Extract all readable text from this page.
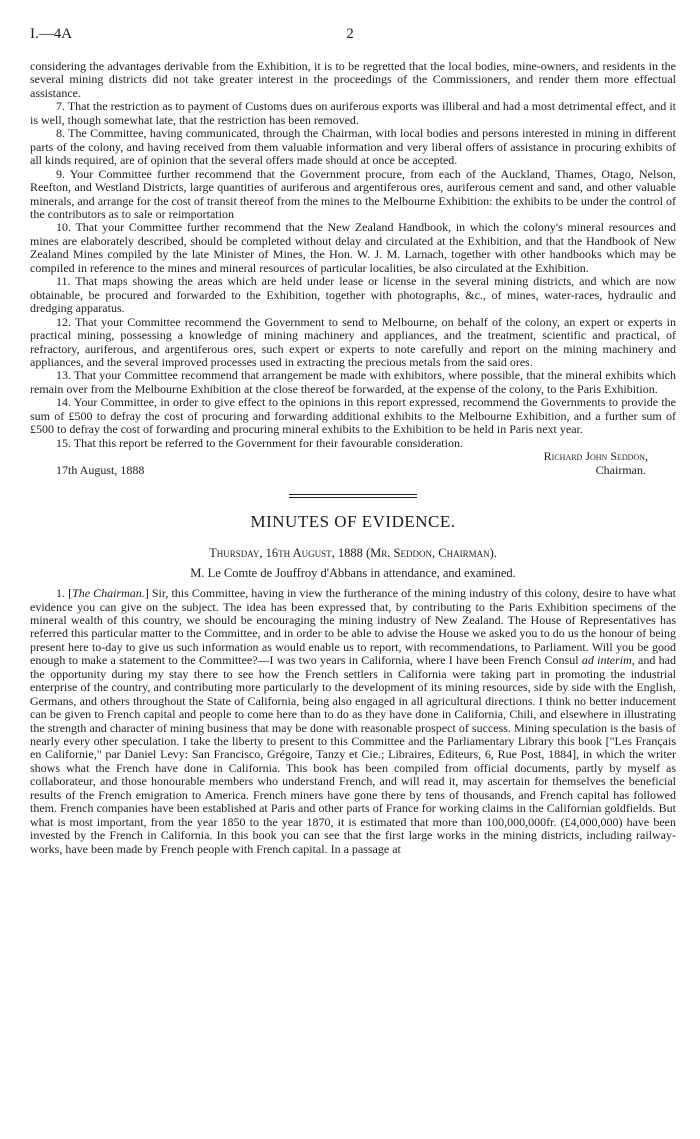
I.—4A	2

considering the advantages derivable from the Exhibition, it is to be regretted that the local bodies, mine-owners, and residents in the several mining districts did not take greater interest in the proceedings of the Commissioners, and render them more effectual assistance.

7. That the restriction as to payment of Customs dues on auriferous exports was illiberal and had a most detrimental effect, and it is well, though somewhat late, that the restriction has been removed.

8. The Committee, having communicated, through the Chairman, with local bodies and persons interested in mining in different parts of the colony, and having received from them valuable information and very liberal offers of assistance in procuring exhibits of all kinds required, are of opinion that the several offers made should at once be accepted.

9. Your Committee further recommend that the Government procure, from each of the Auckland, Thames, Otago, Nelson, Reefton, and Westland Districts, large quantities of auriferous and argentiferous ores, auriferous cement and sand, and other valuable minerals, and arrange for the cost of transit thereof from the mines to the Melbourne Exhibition: the exhibits to be under the control of the contributors as to sale or reimportation

10. That your Committee further recommend that the New Zealand Handbook, in which the colony's mineral resources and mines are elaborately described, should be completed without delay and circulated at the Exhibition, and that the Handbook of New Zealand Mines compiled by the late Minister of Mines, the Hon. W. J. M. Larnach, together with other handbooks which may be compiled in reference to the mines and mineral resources of particular localities, be also circulated at the Exhibition.

11. That maps showing the areas which are held under lease or license in the several mining districts, and which are now obtainable, be procured and forwarded to the Exhibition, together with photographs, &c., of mines, water-races, hydraulic and dredging apparatus.

12. That your Committee recommend the Government to send to Melbourne, on behalf of the colony, an expert or experts in practical mining, possessing a knowledge of mining machinery and appliances, and the treatment, scientific and practical, of refractory, auriferous, and argentiferous ores, such expert or experts to note carefully and report on the mining machinery and appliances, and the several improved processes used in extracting the precious metals from the said ores.

13. That your Committee recommend that arrangement be made with exhibitors, where possible, that the mineral exhibits which remain over from the Melbourne Exhibition at the close thereof be forwarded, at the expense of the colony, to the Paris Exhibition.

14. Your Committee, in order to give effect to the opinions in this report expressed, recommend the Governments to provide the sum of £500 to defray the cost of procuring and forwarding additional exhibits to the Melbourne Exhibition, and a further sum of £500 to defray the cost of forwarding and procuring mineral exhibits to the Exhibition to be held in Paris next year.

15. That this report be referred to the Government for their favourable consideration.

Richard John Seddon,
17th August, 1888	Chairman.
MINUTES OF EVIDENCE.
Thursday, 16th August, 1888 (Mr. Seddon, Chairman).
M. Le Comte de Jouffroy d'Abbans in attendance, and examined.

1. [The Chairman.] Sir, this Committee, having in view the furtherance of the mining industry of this colony, desire to have what evidence you can give on the subject. The idea has been expressed that, by contributing to the Paris Exhibition specimens of the mineral wealth of this country, we should be encouraging the mining industry of New Zealand. The House of Representatives has referred this particular matter to the Committee, and in order to be able to advise the House we asked you to do us the honour of being present here to-day to give us such information as would enable us to report, with recommendations, to Parliament. Will you be good enough to make a statement to the Committee?—I was two years in California, where I have been French Consul ad interim, and had the opportunity during my stay there to see how the French settlers in California were taking part in promoting the industrial enterprise of the country, and contributing more particularly to the development of its mining resources, side by side with the English, Germans, and others throughout the State of California, being also engaged in all agricultural directions. I think no better inducement can be given to French capital and people to come here than to do as they have done in California, Chili, and elsewhere in illustrating the strength and character of mining business that may be done with reasonable prospect of success. Mining speculation is the basis of nearly every other speculation. I take the liberty to present to this Committee and the Parliamentary Library this book ["Les Français en Californie," par Daniel Levy: San Francisco, Grégoire, Tanzy et Cie.; Libraires, Editeurs, 6, Rue Post, 1884], in which the writer shows what the French have done in California. This book has been compiled from official documents, partly by myself as collaborateur, and those honourable members who understand French, and will read it, may ascertain for themselves the beneficial results of the French emigration to America. French miners have gone there by tens of thousands, and French capital has followed them. French companies have been established at Paris and other parts of France for working claims in the Californian goldfields. But what is most important, from the year 1850 to the year 1870, it is estimated that more than 100,000,000fr. (£4,000,000) have been invested by the French in California. In this book you can see that the first large works in the mining districts, including railway-works, have been made by French people with French capital. In a passage at
